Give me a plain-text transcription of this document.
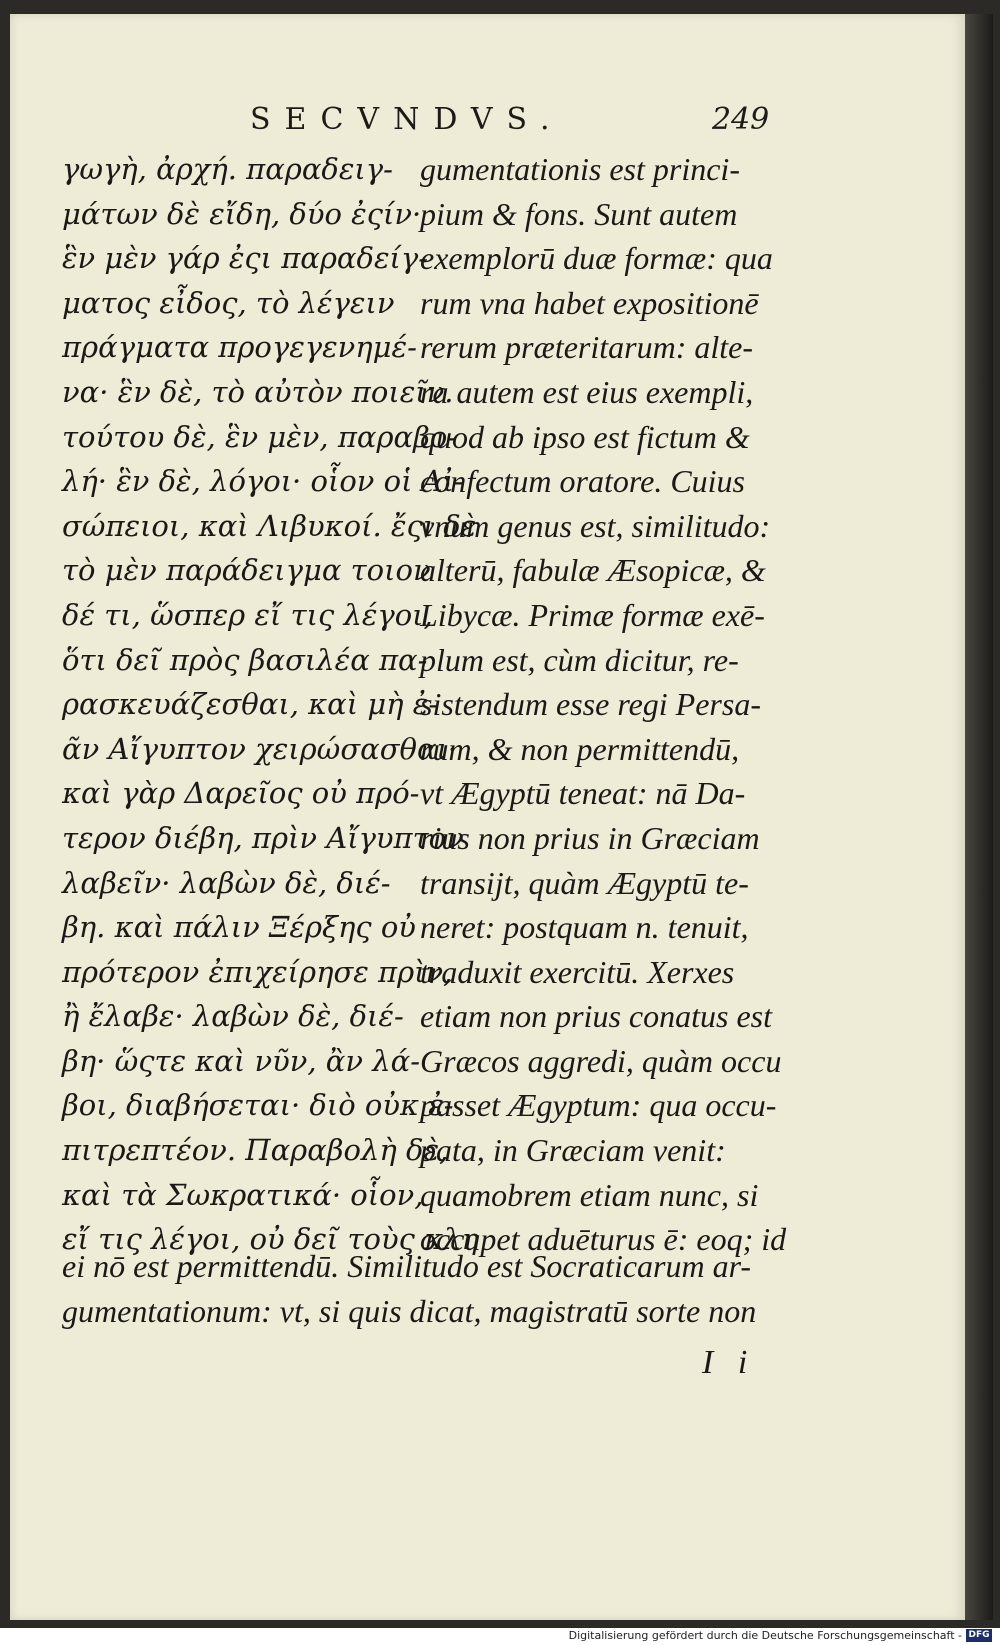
SECVNDVS.	249
γωγὴ, ἀρχή. παραδειγ-
μάτων δὲ εἴδη, δύο ἐςίν·
ἓν μὲν γάρ ἐςι παραδείγ-
ματος εἶδος, τὸ λέγειν
πράγματα προγεγενημέ-
να· ἓν δὲ, τὸ αὐτὸν ποιεῖν.
τούτου δὲ, ἓν μὲν, παραβο-
λή· ἓν δὲ, λόγοι· οἷον οἱ Αἰ-
σώπειοι, καὶ Λιβυκοί. ἔςι δὲ
τὸ μὲν παράδειγμα τοιον
δέ τι, ὥσπερ εἴ τις λέγοι,
ὅτι δεῖ πρὸς βασιλέα πα-
ρασκευάζεσθαι, καὶ μὴ ἐ-
ᾶν Αἴγυπτον χειρώσασθαι·
καὶ γὰρ Δαρεῖος οὐ πρό-
τερον διέβη, πρὶν Αἴγυπτον
λαβεῖν· λαβὼν δὲ, διέ-
βη. καὶ πάλιν Ξέρξης οὐ
πρότερον ἐπιχείρησε πρὶν,
ἢ ἔλαβε· λαβὼν δὲ, διέ-
βη· ὥςτε καὶ νῦν, ἂν λά-
βοι, διαβήσεται· διὸ οὐκ ἐ-
πιτρεπτέον. Παραβολὴ δὲ,
καὶ τὰ Σωκρατικά· οἷον,
εἴ τις λέγοι, οὐ δεῖ τοὺς κλη
gumentationis est princi-
pium & fons. Sunt autem
exemplorū duæ formæ: qua
rum vna habet expositionē
rerum præteritarum: alte-
ra autem est eius exempli,
quod ab ipso est fictum &
confectum oratore. Cuius
vnum genus est, similitudo:
alterū, fabulæ Æsopicæ, &
Libycæ. Primæ formæ exē-
plum est, cùm dicitur, re-
sistendum esse regi Persa-
rum, & non permittendū,
vt Ægyptū teneat: nā Da-
rius non prius in Græciam
transijt, quàm Ægyptū te-
neret: postquam n. tenuit,
traduxit exercitū. Xerxes
etiam non prius conatus est
Græcos aggredi, quàm occu
passet Ægyptum: qua occu-
pata, in Græciam venit:
quamobrem etiam nunc, si
occupet aduēturus ē: eoq; id
ei nō est permittendū. Similitudo est Socraticarum ar-
gumentationum: vt, si quis dicat, magistratū sorte non
I i
Digitalisierung gefördert durch die Deutsche Forschungsgemeinschaft - DFG
